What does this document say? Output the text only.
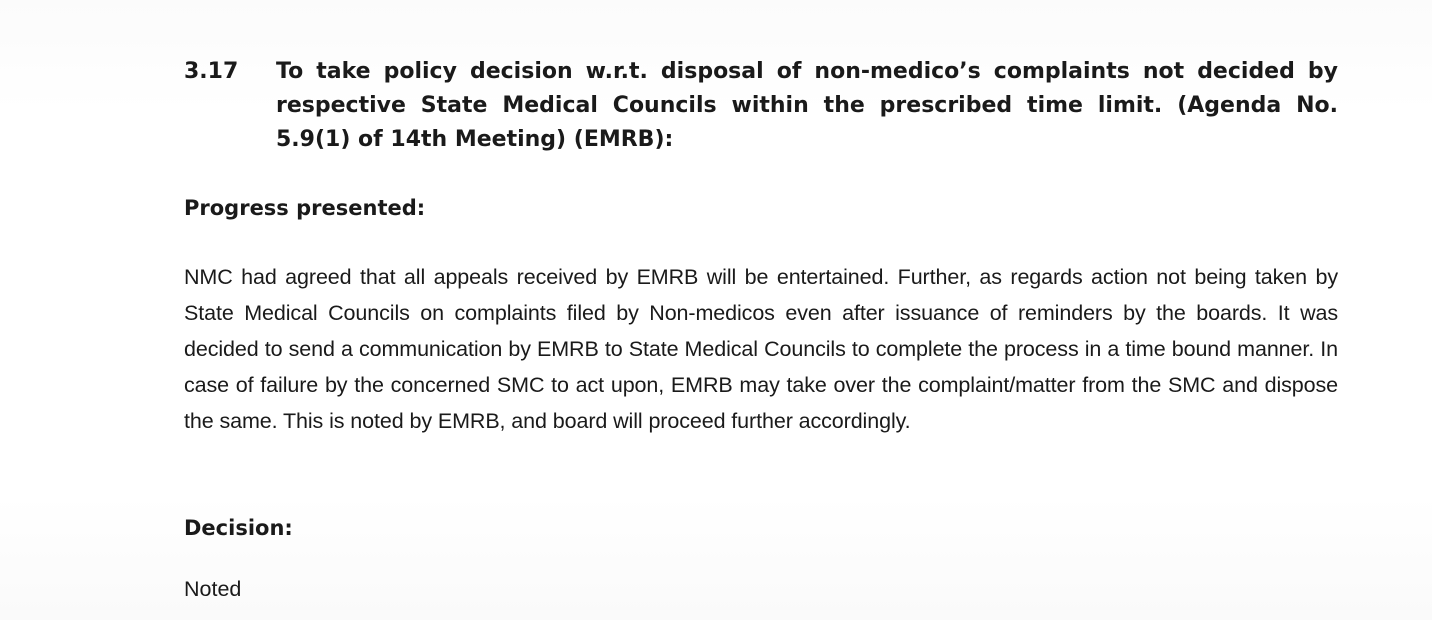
3.17 To take policy decision w.r.t. disposal of non-medico’s complaints not decided by respective State Medical Councils within the prescribed time limit. (Agenda No. 5.9(1) of 14th Meeting) (EMRB):
Progress presented:
NMC had agreed that all appeals received by EMRB will be entertained. Further, as regards action not being taken by State Medical Councils on complaints filed by Non-medicos even after issuance of reminders by the boards. It was decided to send a communication by EMRB to State Medical Councils to complete the process in a time bound manner. In case of failure by the concerned SMC to act upon, EMRB may take over the complaint/matter from the SMC and dispose the same. This is noted by EMRB, and board will proceed further accordingly.
Decision:
Noted
